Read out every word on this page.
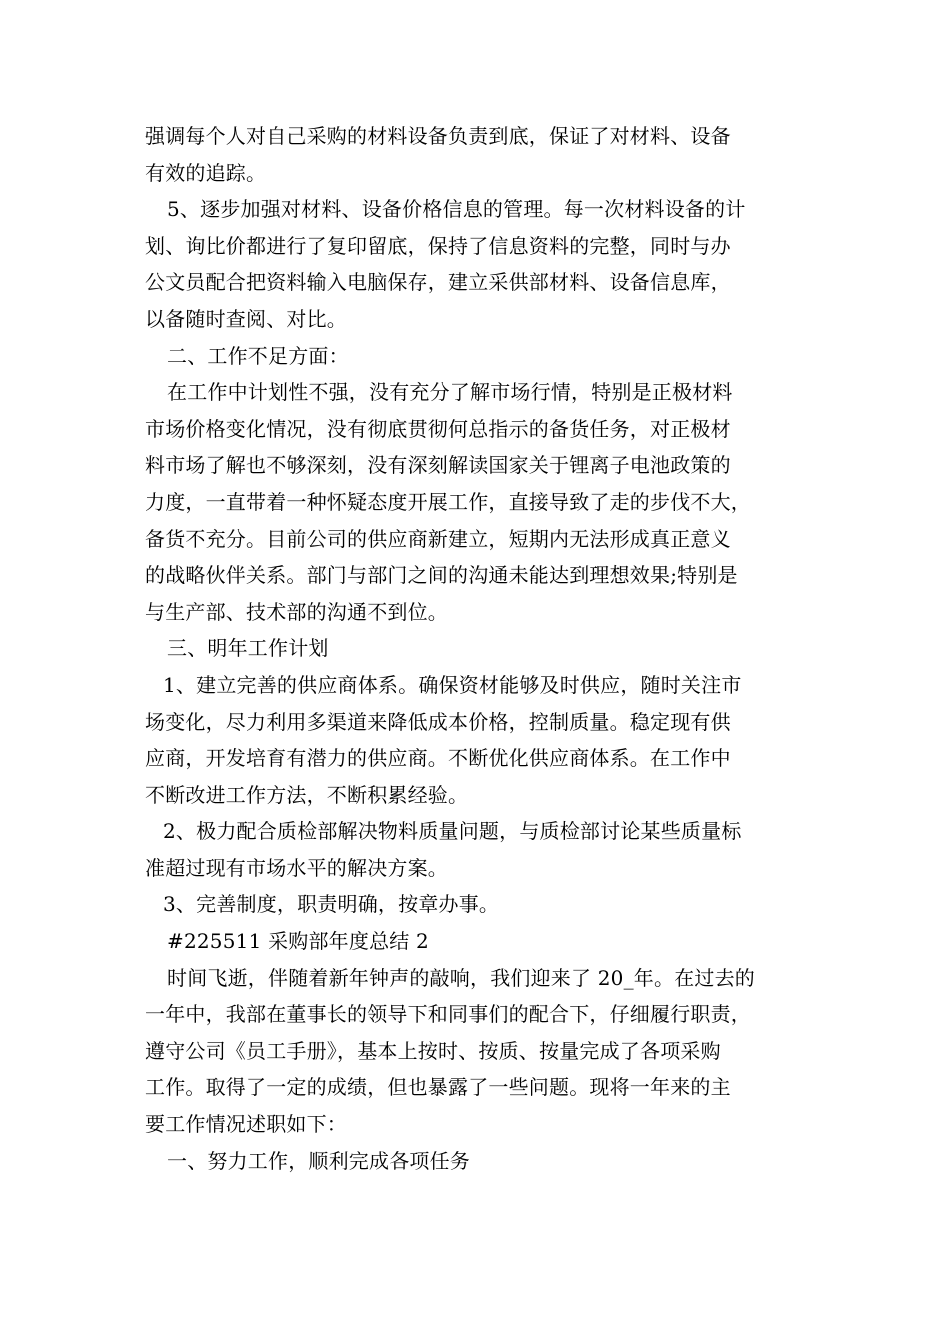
强调每个人对自己采购的材料设备负责到底，保证了对材料、设备
有效的追踪。
5、逐步加强对材料、设备价格信息的管理。每一次材料设备的计
划、询比价都进行了复印留底，保持了信息资料的完整，同时与办
公文员配合把资料输入电脑保存，建立采供部材料、设备信息库，
以备随时查阅、对比。
二、工作不足方面：
在工作中计划性不强，没有充分了解市场行情，特别是正极材料
市场价格变化情况，没有彻底贯彻何总指示的备货任务，对正极材
料市场了解也不够深刻，没有深刻解读国家关于锂离子电池政策的
力度，一直带着一种怀疑态度开展工作，直接导致了走的步伐不大，
备货不充分。目前公司的供应商新建立，短期内无法形成真正意义
的战略伙伴关系。部门与部门之间的沟通未能达到理想效果;特别是
与生产部、技术部的沟通不到位。
三、明年工作计划
1、建立完善的供应商体系。确保资材能够及时供应，随时关注市
场变化，尽力利用多渠道来降低成本价格，控制质量。稳定现有供
应商，开发培育有潜力的供应商。不断优化供应商体系。在工作中
不断改进工作方法，不断积累经验。
2、极力配合质检部解决物料质量问题，与质检部讨论某些质量标
准超过现有市场水平的解决方案。
3、完善制度，职责明确，按章办事。
#225511 采购部年度总结 2
时间飞逝，伴随着新年钟声的敲响，我们迎来了 20_年。在过去的
一年中，我部在董事长的领导下和同事们的配合下，仔细履行职责，
遵守公司《员工手册》，基本上按时、按质、按量完成了各项采购
工作。取得了一定的成绩，但也暴露了一些问题。现将一年来的主
要工作情况述职如下：
一、努力工作，顺利完成各项任务
